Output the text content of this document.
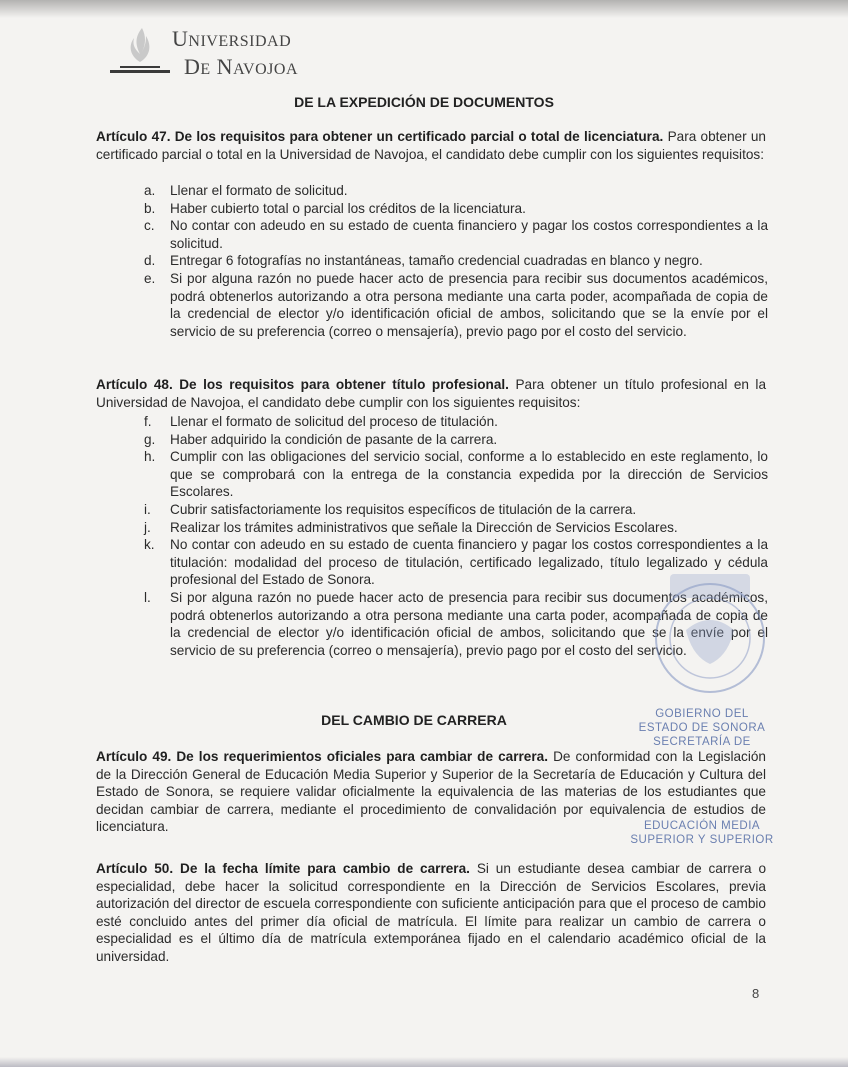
UNIVERSIDAD
DE NAVOJOA
DE LA EXPEDICIÓN DE DOCUMENTOS
Artículo 47. De los requisitos para obtener un certificado parcial o total de licenciatura. Para obtener un certificado parcial o total en la Universidad de Navojoa, el candidato debe cumplir con los siguientes requisitos:
a. Llenar el formato de solicitud.
b. Haber cubierto total o parcial los créditos de la licenciatura.
c. No contar con adeudo en su estado de cuenta financiero y pagar los costos correspondientes a la solicitud.
d. Entregar 6 fotografías no instantáneas, tamaño credencial cuadradas en blanco y negro.
e. Si por alguna razón no puede hacer acto de presencia para recibir sus documentos académicos, podrá obtenerlos autorizando a otra persona mediante una carta poder, acompañada de copia de la credencial de elector y/o identificación oficial de ambos, solicitando que se la envíe por el servicio de su preferencia (correo o mensajería), previo pago por el costo del servicio.
Artículo 48. De los requisitos para obtener título profesional. Para obtener un título profesional en la Universidad de Navojoa, el candidato debe cumplir con los siguientes requisitos:
f. Llenar el formato de solicitud del proceso de titulación.
g. Haber adquirido la condición de pasante de la carrera.
h. Cumplir con las obligaciones del servicio social, conforme a lo establecido en este reglamento, lo que se comprobará con la entrega de la constancia expedida por la dirección de Servicios Escolares.
i. Cubrir satisfactoriamente los requisitos específicos de titulación de la carrera.
j. Realizar los trámites administrativos que señale la Dirección de Servicios Escolares.
k. No contar con adeudo en su estado de cuenta financiero y pagar los costos correspondientes a la titulación: modalidad del proceso de titulación, certificado legalizado, título legalizado y cédula profesional del Estado de Sonora.
l. Si por alguna razón no puede hacer acto de presencia para recibir sus documentos académicos, podrá obtenerlos autorizando a otra persona mediante una carta poder, acompañada de copia de la credencial de elector y/o identificación oficial de ambos, solicitando que se la envíe por el servicio de su preferencia (correo o mensajería), previo pago por el costo del servicio.
DEL CAMBIO DE CARRERA
Artículo 49. De los requerimientos oficiales para cambiar de carrera. De conformidad con la Legislación de la Dirección General de Educación Media Superior y Superior de la Secretaría de Educación y Cultura del Estado de Sonora, se requiere validar oficialmente la equivalencia de las materias de los estudiantes que decidan cambiar de carrera, mediante el procedimiento de convalidación por equivalencia de estudios de licenciatura.
Artículo 50. De la fecha límite para cambio de carrera. Si un estudiante desea cambiar de carrera o especialidad, debe hacer la solicitud correspondiente en la Dirección de Servicios Escolares, previa autorización del director de escuela correspondiente con suficiente anticipación para que el proceso de cambio esté concluido antes del primer día oficial de matrícula. El límite para realizar un cambio de carrera o especialidad es el último día de matrícula extemporánea fijado en el calendario académico oficial de la universidad.
GOBIERNO DEL
ESTADO DE SONORA
SECRETARÍA DE
EDUCACIÓN MEDIA
SUPERIOR Y SUPERIOR
8
